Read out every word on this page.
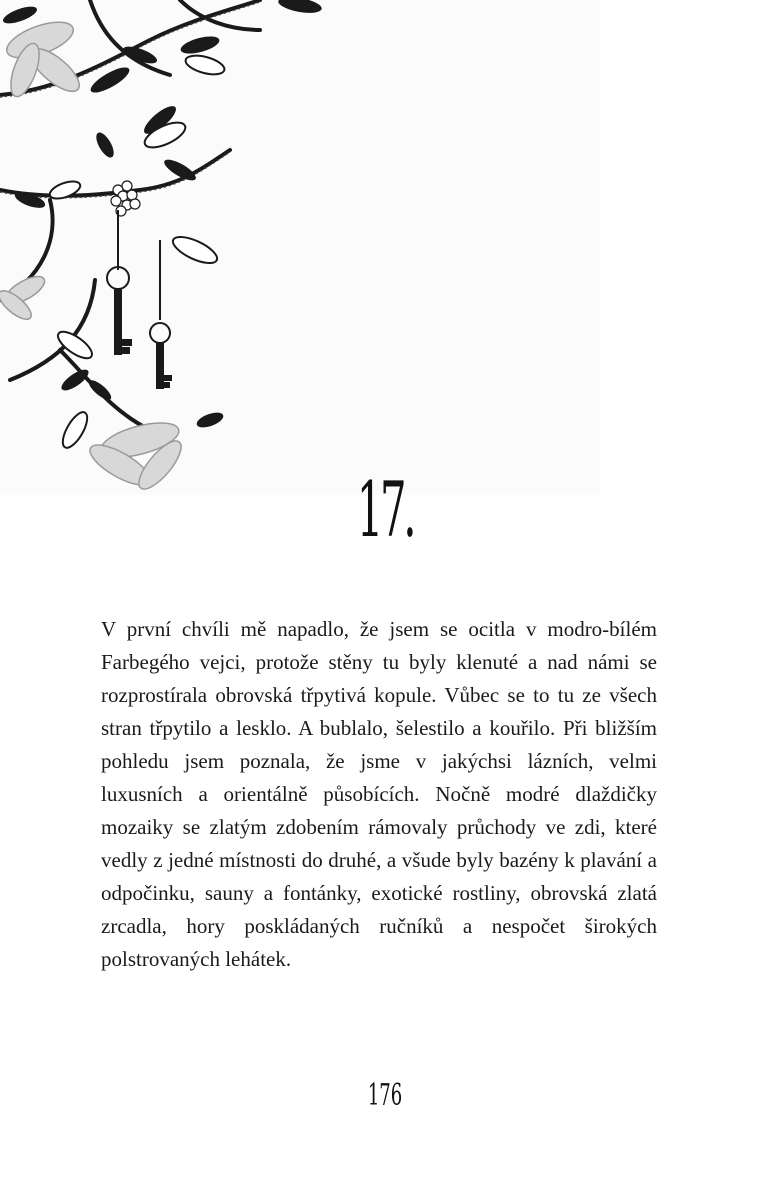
17.

V první chvíli mě napadlo, že jsem se ocitla v modro-bílém Farbegého vejci, protože stěny tu byly klenuté a nad námi se rozprostírala obrovská třpytivá kopule. Vůbec se to tu ze všech stran třpytilo a lesklo. A bublalo, šelestilo a kouřilo. Při bližším pohledu jsem poznala, že jsme v jakýchsi lázních, velmi luxusních a orientálně působících. Nočně modré dlaždičky mozaiky se zlatým zdobením rámovaly průchody ve zdi, které vedly z jedné místnosti do druhé, a všude byly bazény k plavání a odpočinku, sauny a fontánky, exotické rostliny, obrovská zlatá zrcadla, hory poskládaných ručníků a nespočet širokých polstrovaných lehátek.

176
